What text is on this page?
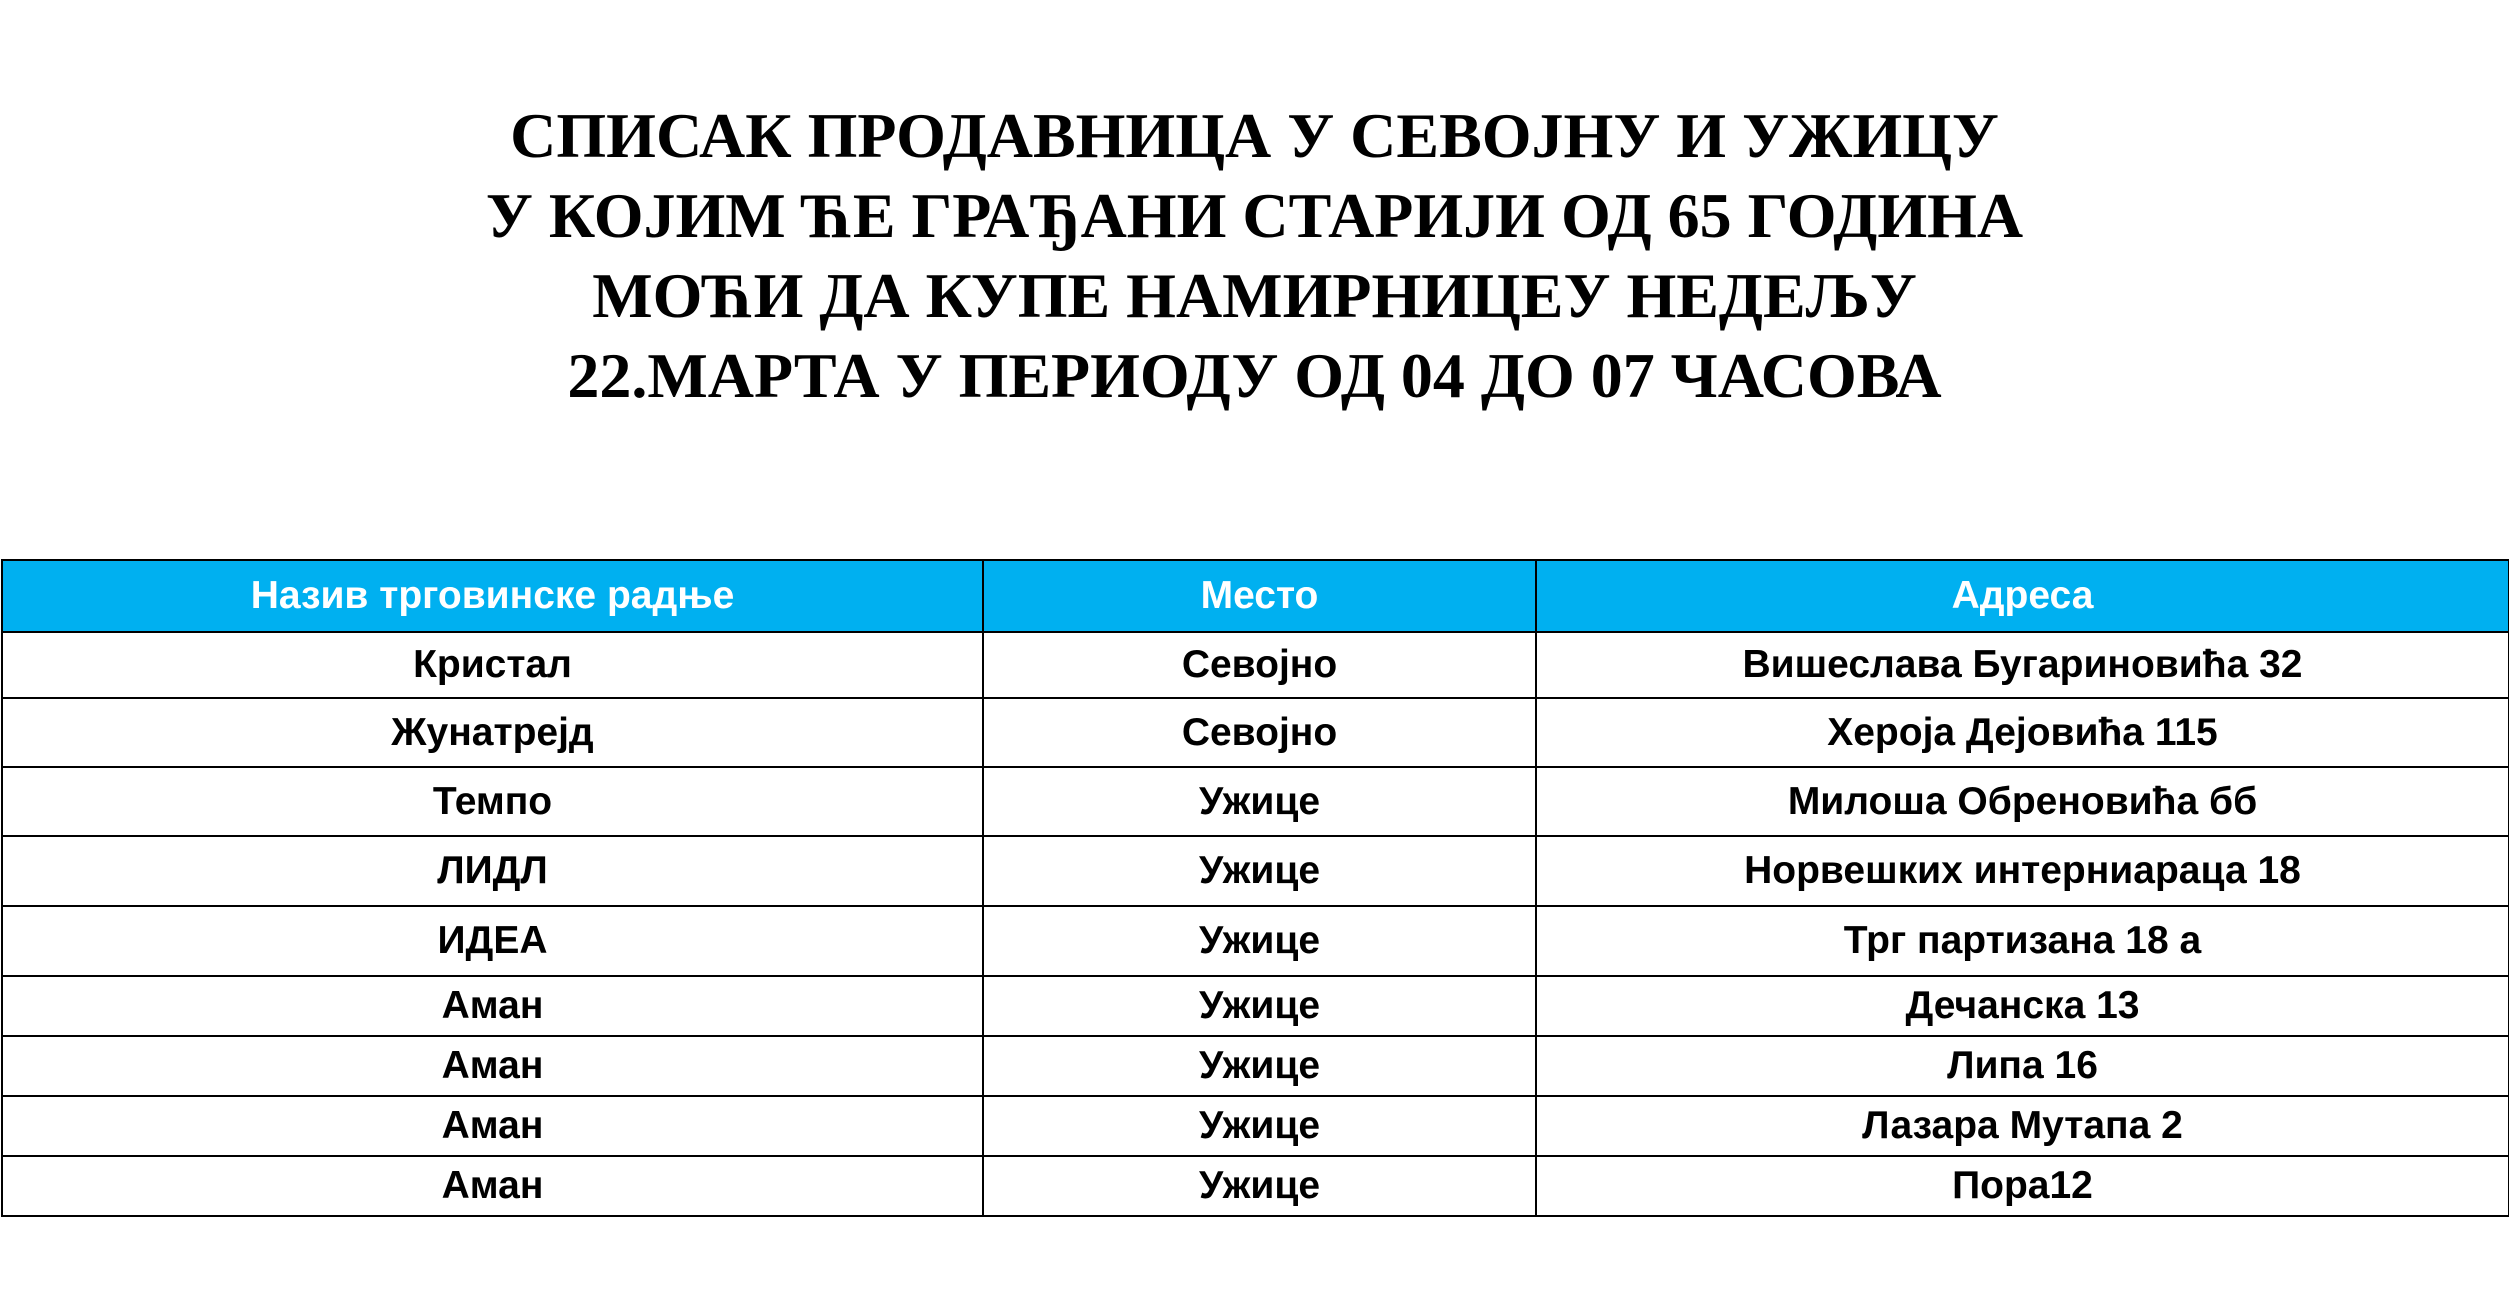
СПИСАК ПРОДАВНИЦА У СЕВОЈНУ И УЖИЦУ
У КОЈИМ ЋЕ ГРАЂАНИ СТАРИЈИ ОД 65 ГОДИНА
МОЋИ ДА КУПЕ НАМИРНИЦЕУ НЕДЕЉУ
22.МАРТА У ПЕРИОДУ ОД 04 ДО 07 ЧАСОВА
Назив трговинске радње	Место	Адреса
Кристал	Севојно	Вишеслава Бугариновића 32
Жунатрејд	Севојно	Хероја Дејовића 115
Темпо	Ужице	Милоша Обреновића бб
ЛИДЛ	Ужице	Норвешких интерниараца 18
ИДЕА	Ужице	Трг партизана 18 а
Аман	Ужице	Дечанска 13
Аман	Ужице	Липа 16
Аман	Ужице	Лазара Мутапа 2
Аман	Ужице	Пора12
